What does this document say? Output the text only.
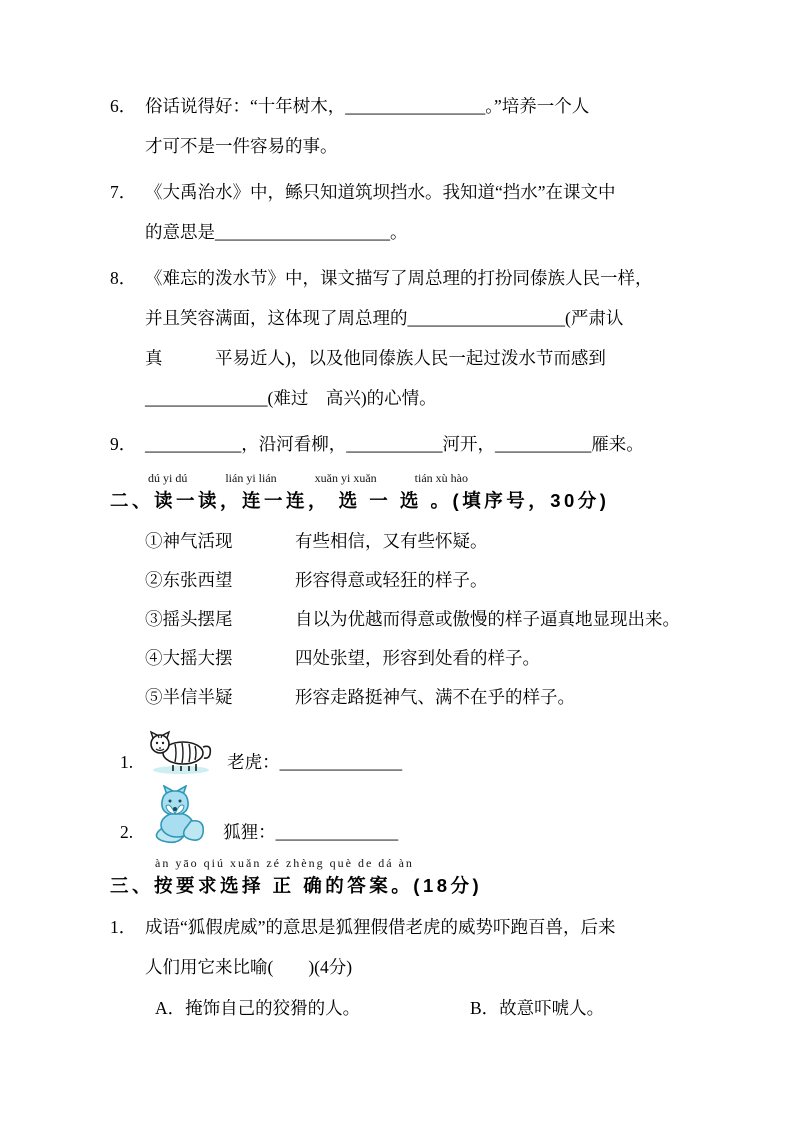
6． 俗话说得好：“十年树木，________________。”培养一个人
才可不是一件容易的事。
7． 《大禹治水》中，鲧只知道筑坝挡水。我知道“挡水”在课文中
的意思是____________________。
8． 《难忘的泼水节》中，课文描写了周总理的打扮同傣族人民一样，
并且笑容满面，这体现了周总理的__________________(严肃认
真　　　平易近人)，以及他同傣族人民一起过泼水节而感到
______________(难过　高兴)的心情。
9． ___________，沿河看柳，___________河开，___________雁来。
dú yi dú	lián yi lián	xuǎn yi xuǎn	tián xù hào
二、读一读，连一连， 选 一 选 。(填序号，30分)
①神气活现	有些相信，又有些怀疑。
②东张西望	形容得意或轻狂的样子。
③摇头摆尾	自以为优越而得意或傲慢的样子逼真地显现出来。
④大摇大摆	四处张望，形容到处看的样子。
⑤半信半疑	形容走路挺神气、满不在乎的样子。
1.	老虎：______________
2.	狐狸：______________
àn yāo qiú xuǎn zé zhèng què de dá àn
三、按要求选择 正 确的答案。(18分)
1． 成语“狐假虎威”的意思是狐狸假借老虎的威势吓跑百兽，后来
人们用它来比喻(　　)(4分)
A．掩饰自己的狡猾的人。	B．故意吓唬人。
